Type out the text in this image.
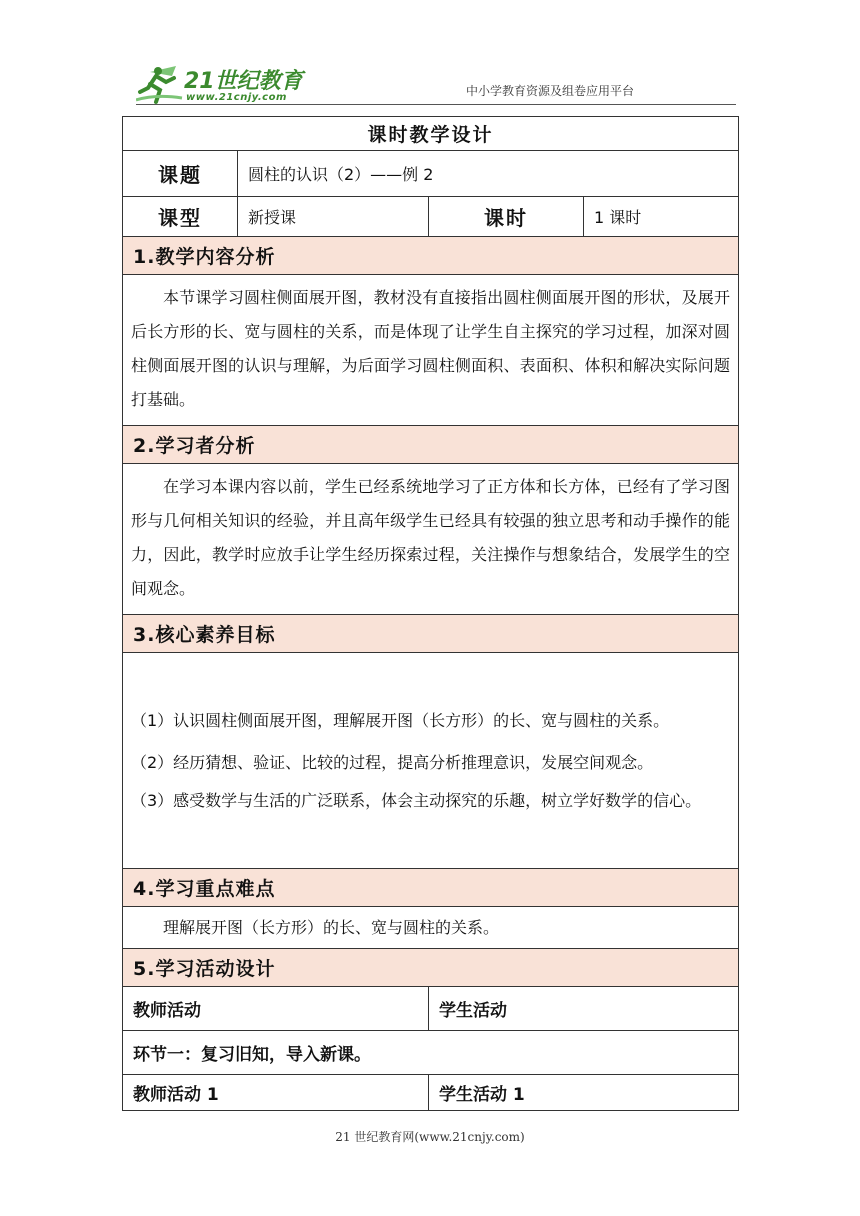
21世纪教育
www.21cnjy.com	中小学教育资源及组卷应用平台
课时教学设计			
课题	圆柱的认识（2）——例 2		
课型	新授课	课时	1 课时
1.教学内容分析			
本节课学习圆柱侧面展开图，教材没有直接指出圆柱侧面展开图的形状，及展开后长方形的长、宽与圆柱的关系，而是体现了让学生自主探究的学习过程，加深对圆柱侧面展开图的认识与理解，为后面学习圆柱侧面积、表面积、体积和解决实际问题打基础。			
2.学习者分析			
在学习本课内容以前，学生已经系统地学习了正方体和长方体，已经有了学习图形与几何相关知识的经验，并且高年级学生已经具有较强的独立思考和动手操作的能力，因此，教学时应放手让学生经历探索过程，关注操作与想象结合，发展学生的空间观念。			
3.核心素养目标			

（1）认识圆柱侧面展开图，理解展开图（长方形）的长、宽与圆柱的关系。
（2）经历猜想、验证、比较的过程，提高分析推理意识，发展空间观念。
（3）感受数学与生活的广泛联系，体会主动探究的乐趣，树立学好数学的信心。			

4.学习重点难点			
理解展开图（长方形）的长、宽与圆柱的关系。			
5.学习活动设计			
教师活动		学生活动	
环节一：复习旧知，导入新课。			
教师活动 1		学生活动 1	
21 世纪教育网(www.21cnjy.com)
